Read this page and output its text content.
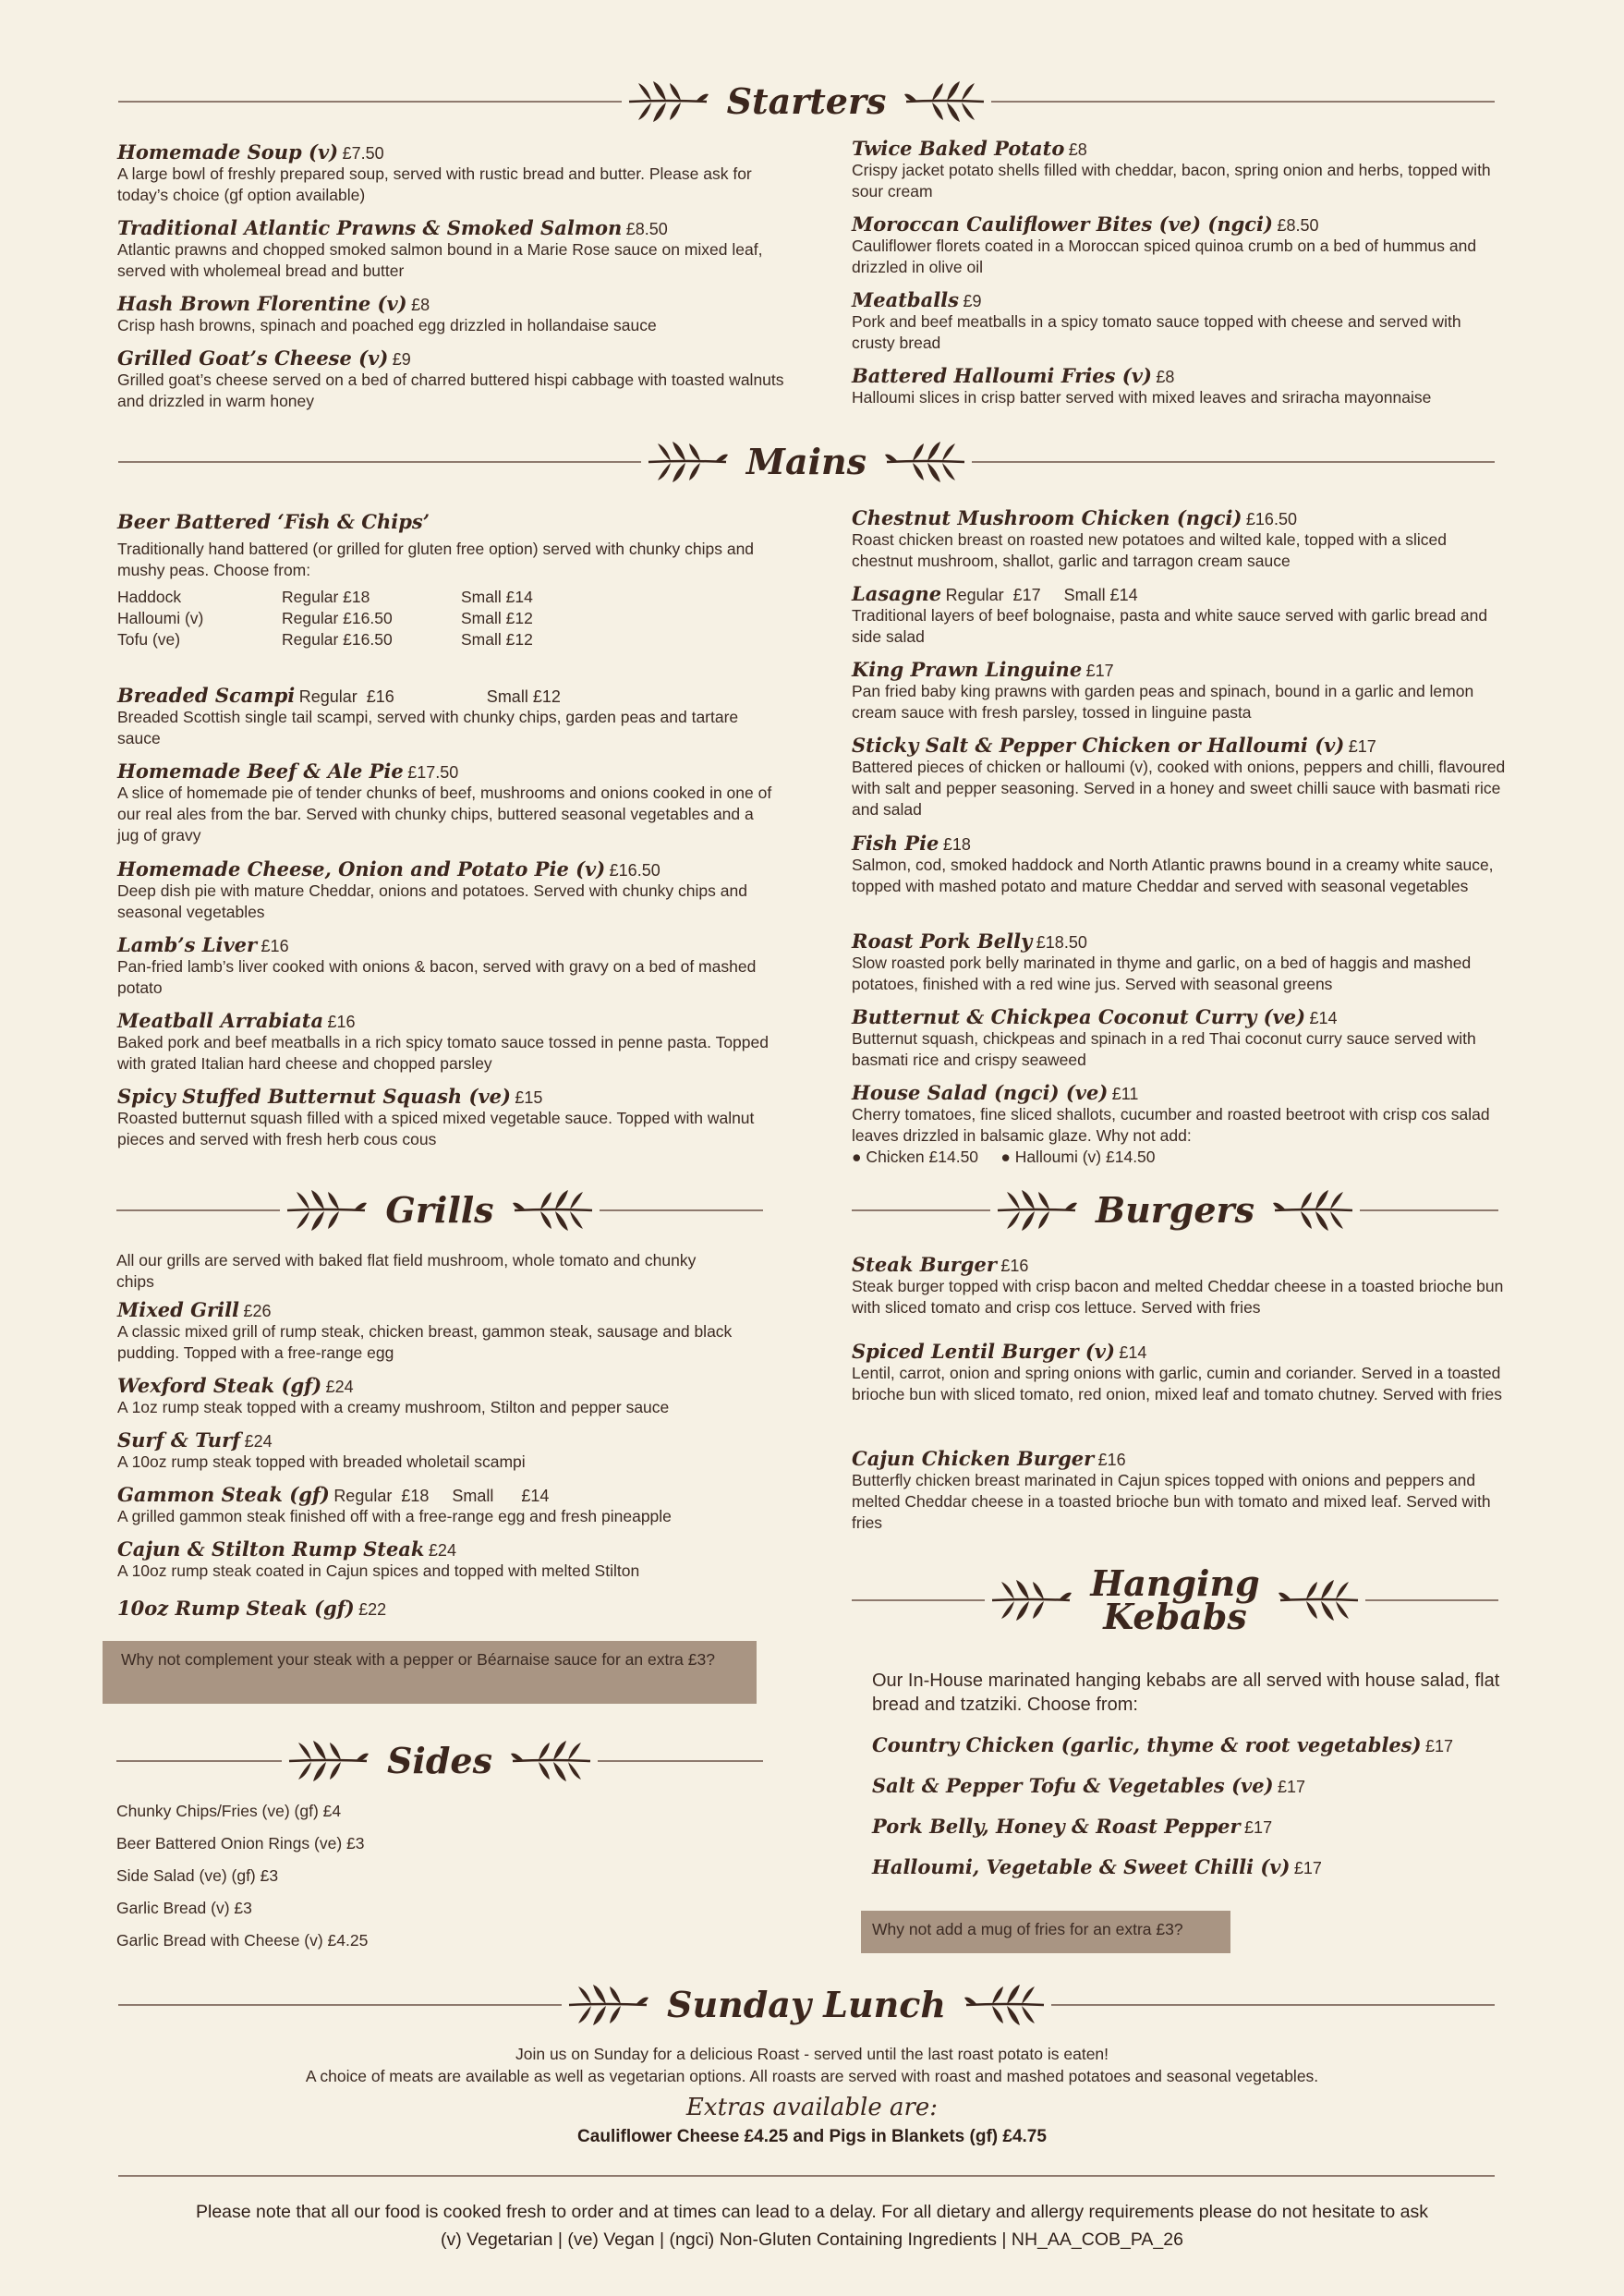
Starters
Homemade Soup (v) £7.50
A large bowl of freshly prepared soup, served with rustic bread and butter. Please ask for today’s choice (gf option available)
Traditional Atlantic Prawns & Smoked Salmon £8.50
Atlantic prawns and chopped smoked salmon bound in a Marie Rose sauce on mixed leaf, served with wholemeal bread and butter
Hash Brown Florentine (v) £8
Crisp hash browns, spinach and poached egg drizzled in hollandaise sauce
Grilled Goat’s Cheese (v) £9
Grilled goat’s cheese served on a bed of charred buttered hispi cabbage with toasted walnuts and drizzled in warm honey
Twice Baked Potato £8
Crispy jacket potato shells filled with cheddar, bacon, spring onion and herbs, topped with sour cream
Moroccan Cauliflower Bites (ve) (ngci) £8.50
Cauliflower florets coated in a Moroccan spiced quinoa crumb on a bed of hummus and drizzled in olive oil
Meatballs £9
Pork and beef meatballs in a spicy tomato sauce topped with cheese and served with crusty bread
Battered Halloumi Fries (v) £8
Halloumi slices in crisp batter served with mixed leaves and sriracha mayonnaise
Mains
Beer Battered ‘Fish & Chips’
Traditionally hand battered (or grilled for gluten free option) served with chunky chips and mushy peas. Choose from:
Haddock	Regular £18	Small £14
Halloumi (v)	Regular £16.50	Small £12
Tofu (ve)	Regular £16.50	Small £12
Breaded Scampi Regular  £16                    Small £12
Breaded Scottish single tail scampi, served with chunky chips, garden peas and tartare sauce
Homemade Beef & Ale Pie £17.50
A slice of homemade pie of tender chunks of beef, mushrooms and onions cooked in one of our real ales from the bar. Served with chunky chips, buttered seasonal vegetables and a jug of gravy
Homemade Cheese, Onion and Potato Pie (v) £16.50
Deep dish pie with mature Cheddar, onions and potatoes. Served with chunky chips and seasonal vegetables
Lamb’s Liver £16
Pan-fried lamb’s liver cooked with onions & bacon, served with gravy on a bed of mashed potato
Meatball Arrabiata £16
Baked pork and beef meatballs in a rich spicy tomato sauce tossed in penne pasta. Topped with grated Italian hard cheese and chopped parsley
Spicy Stuffed Butternut Squash (ve) £15
Roasted butternut squash filled with a spiced mixed vegetable sauce. Topped with walnut pieces and served with fresh herb cous cous
Chestnut Mushroom Chicken (ngci) £16.50
Roast chicken breast on roasted new potatoes and wilted kale, topped with a sliced chestnut mushroom, shallot, garlic and tarragon cream sauce
Lasagne Regular  £17     Small £14
Traditional layers of beef bolognaise, pasta and white sauce served with garlic bread and side salad
King Prawn Linguine £17
Pan fried baby king prawns with garden peas and spinach, bound in a garlic and lemon cream sauce with fresh parsley, tossed in linguine pasta
Sticky Salt & Pepper Chicken or Halloumi (v) £17
Battered pieces of chicken or halloumi (v), cooked with onions, peppers and chilli, flavoured with salt and pepper seasoning. Served in a honey and sweet chilli sauce with basmati rice and salad
Fish Pie £18
Salmon, cod, smoked haddock and North Atlantic prawns bound in a creamy white sauce, topped with mashed potato and mature Cheddar and served with seasonal vegetables
Roast Pork Belly £18.50
Slow roasted pork belly marinated in thyme and garlic, on a bed of haggis and mashed potatoes, finished with a red wine jus. Served with seasonal greens
Butternut & Chickpea Coconut Curry (ve) £14
Butternut squash, chickpeas and spinach in a red Thai coconut curry sauce served with basmati rice and crispy seaweed
House Salad (ngci) (ve) £11
Cherry tomatoes, fine sliced shallots, cucumber and roasted beetroot with crisp cos salad leaves drizzled in balsamic glaze. Why not add:
● Chicken £14.50     ● Halloumi (v) £14.50
Grills
All our grills are served with baked flat field mushroom, whole tomato and chunky chips
Mixed Grill £26
A classic mixed grill of rump steak, chicken breast, gammon steak, sausage and black pudding. Topped with a free-range egg
Wexford Steak (gf) £24
A 1oz rump steak topped with a creamy mushroom, Stilton and pepper sauce
Surf & Turf £24
A 10oz rump steak topped with breaded wholetail scampi
Gammon Steak (gf) Regular  £18     Small      £14
A grilled gammon steak finished off with a free-range egg and fresh pineapple
Cajun & Stilton Rump Steak £24
A 10oz rump steak coated in Cajun spices and topped with melted Stilton
10oz Rump Steak (gf) £22
Why not complement your steak with a pepper or Béarnaise sauce for an extra £3?
Sides
Chunky Chips/Fries (ve) (gf) £4
Beer Battered Onion Rings (ve) £3
Side Salad (ve) (gf) £3
Garlic Bread (v) £3
Garlic Bread with Cheese (v) £4.25
Burgers
Steak Burger £16
Steak burger topped with crisp bacon and melted Cheddar cheese in a toasted brioche bun with sliced tomato and crisp cos lettuce. Served with fries
Spiced Lentil Burger (v) £14
Lentil, carrot, onion and spring onions with garlic, cumin and coriander. Served in a toasted brioche bun with sliced tomato, red onion, mixed leaf and tomato chutney. Served with fries
Cajun Chicken Burger £16
Butterfly chicken breast marinated in Cajun spices topped with onions and peppers and melted Cheddar cheese in a toasted brioche bun with tomato and mixed leaf. Served with fries
Hanging
Kebabs
Our In-House marinated hanging kebabs are all served with house salad, flat bread and tzatziki. Choose from:
Country Chicken (garlic, thyme & root vegetables) £17
Salt & Pepper Tofu & Vegetables (ve) £17
Pork Belly, Honey & Roast Pepper £17
Halloumi, Vegetable & Sweet Chilli (v) £17
Why not add a mug of fries for an extra £3?
Sunday Lunch
Join us on Sunday for a delicious Roast - served until the last roast potato is eaten!
A choice of meats are available as well as vegetarian options. All roasts are served with roast and mashed potatoes and seasonal vegetables.
Extras available are:
Cauliflower Cheese £4.25 and Pigs in Blankets (gf) £4.75
Please note that all our food is cooked fresh to order and at times can lead to a delay. For all dietary and allergy requirements please do not hesitate to ask
(v) Vegetarian | (ve) Vegan | (ngci) Non-Gluten Containing Ingredients | NH_AA_COB_PA_26
